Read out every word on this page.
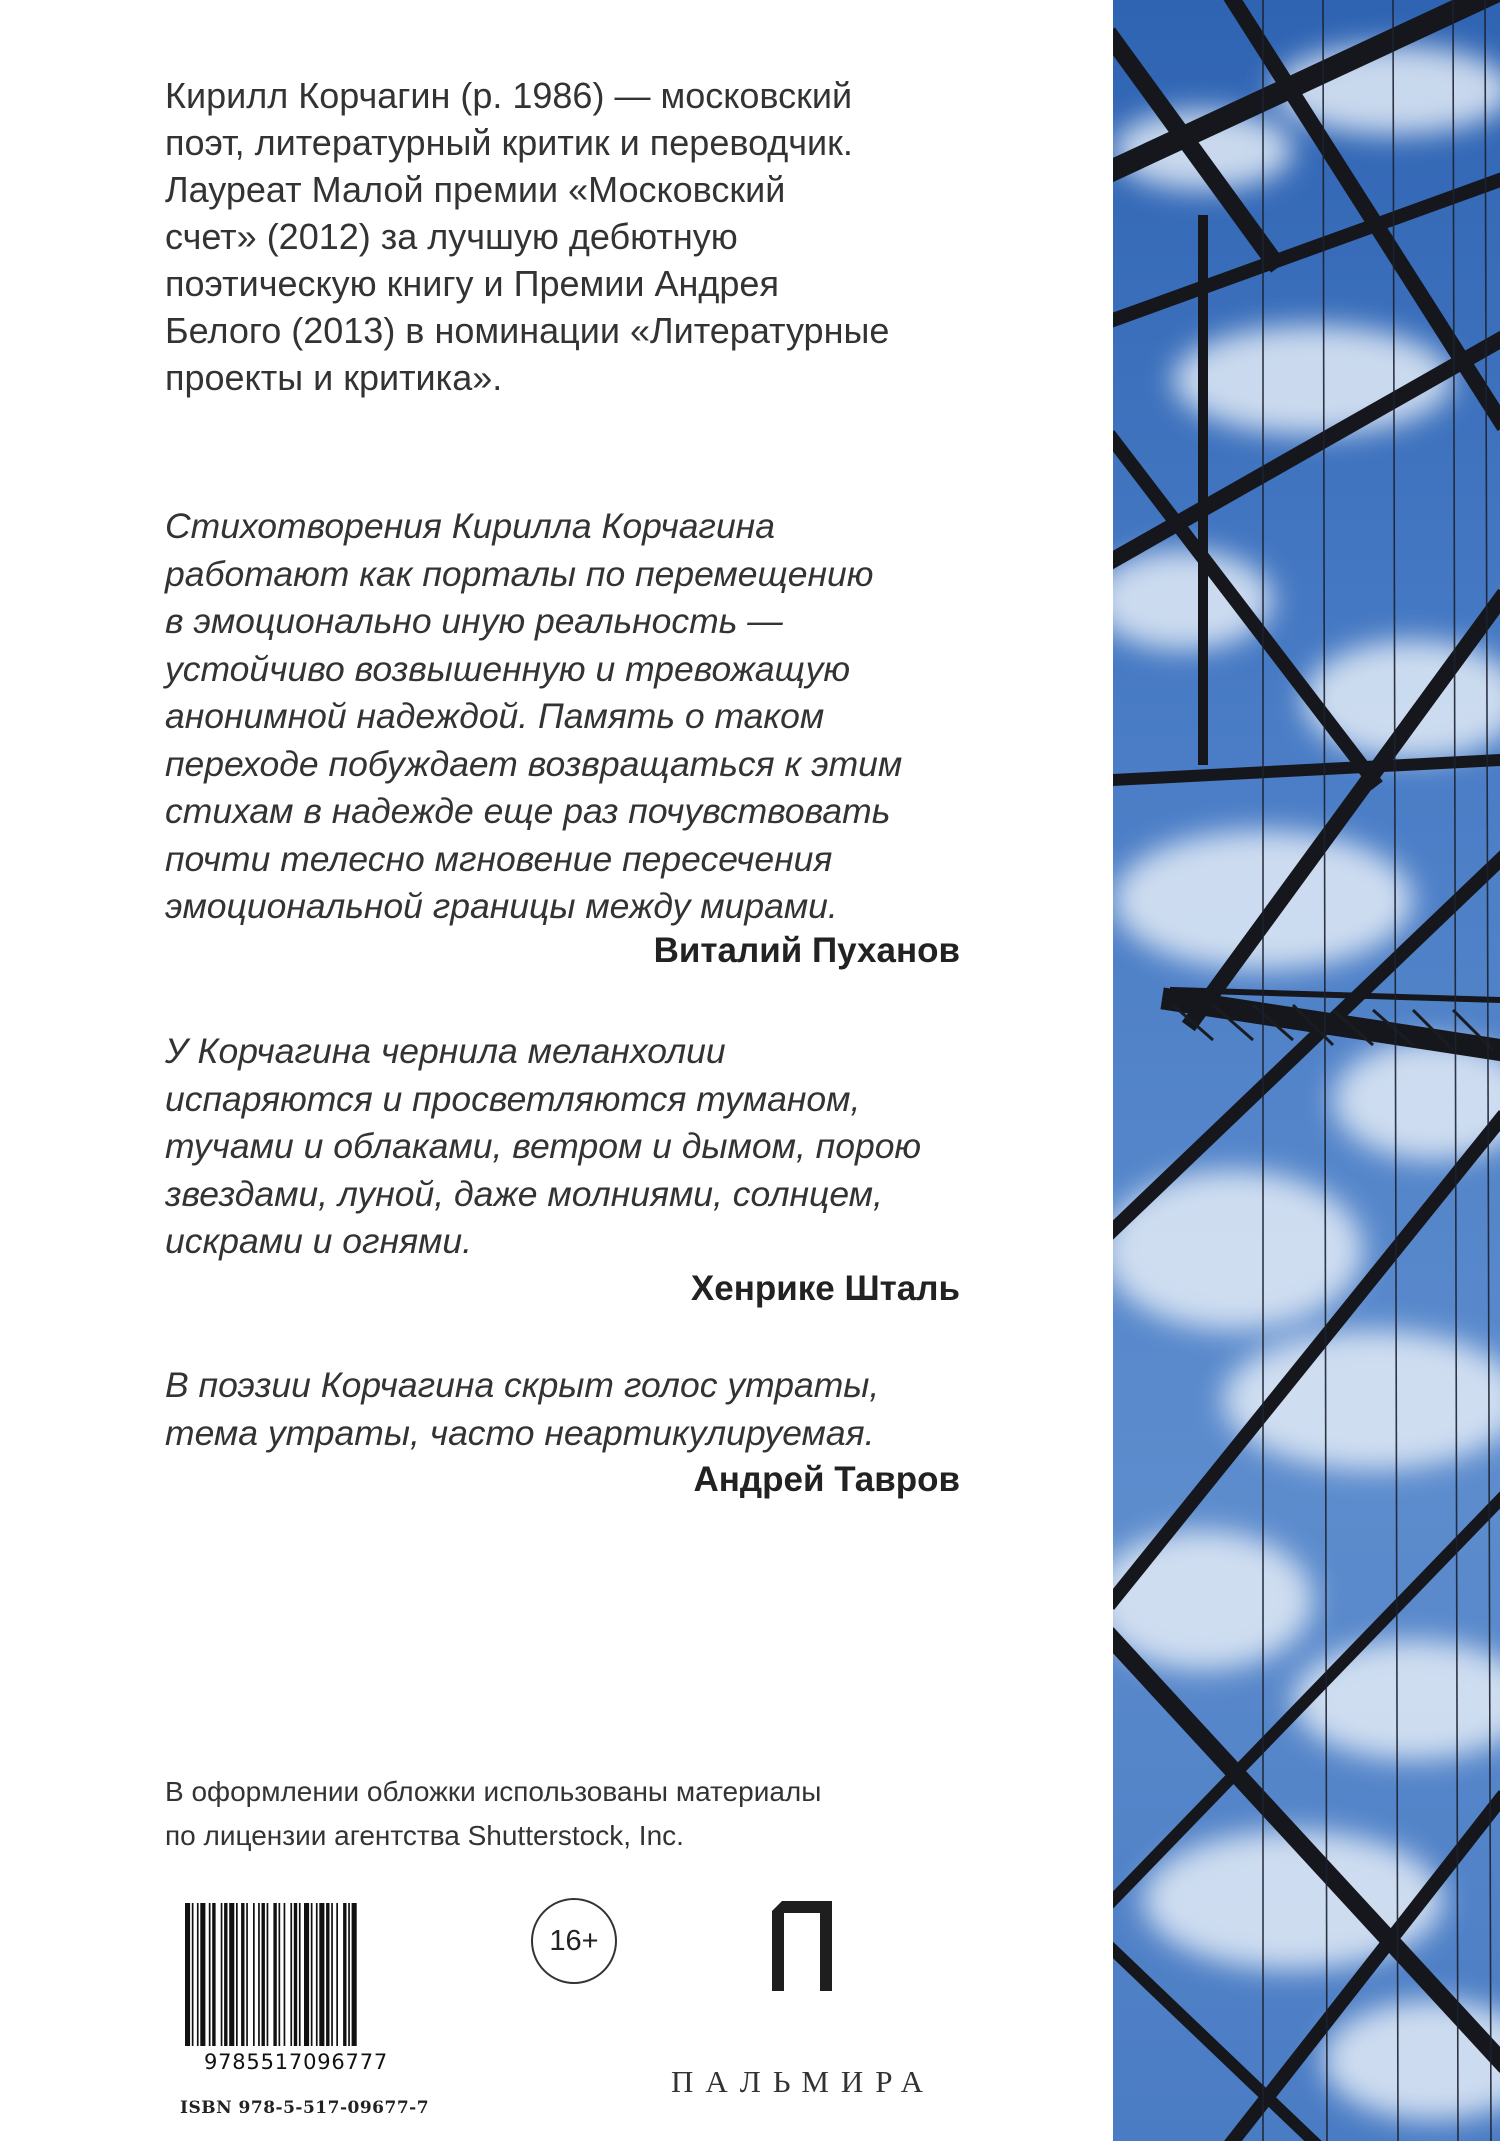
Кирилл Корчагин (р. 1986) — московский
поэт, литературный критик и переводчик.
Лауреат Малой премии «Московский
счет» (2012) за лучшую дебютную
поэтическую книгу и Премии Андрея
Белого (2013) в номинации «Литературные
проекты и критика».

Стихотворения Кирилла Корчагина

работают как порталы по перемещению

в эмоционально иную реальность —

устойчиво возвышенную и тревожащую

анонимной надеждой. Память о таком

переходе побуждает возвращаться к этим

стихам в надежде еще раз почувствовать

почти телесно мгновение пересечения

эмоциональной границы между мирами.

Виталий Пуханов

У Корчагина чернила меланхолии

испаряются и просветляются туманом,

тучами и облаками, ветром и дымом, порою

звездами, луной, даже молниями, солнцем,

искрами и огнями.

Хенрике Шталь

В поэзии Корчагина скрыт голос утраты,

тема утраты, часто неартикулируемая.

Андрей Тавров
В оформлении обложки использованы материалы
по лицензии агентства Shutterstock, Inc.
9785517096777
ISBN 978-5-517-09677-7
16+
ПАЛЬМИРА
